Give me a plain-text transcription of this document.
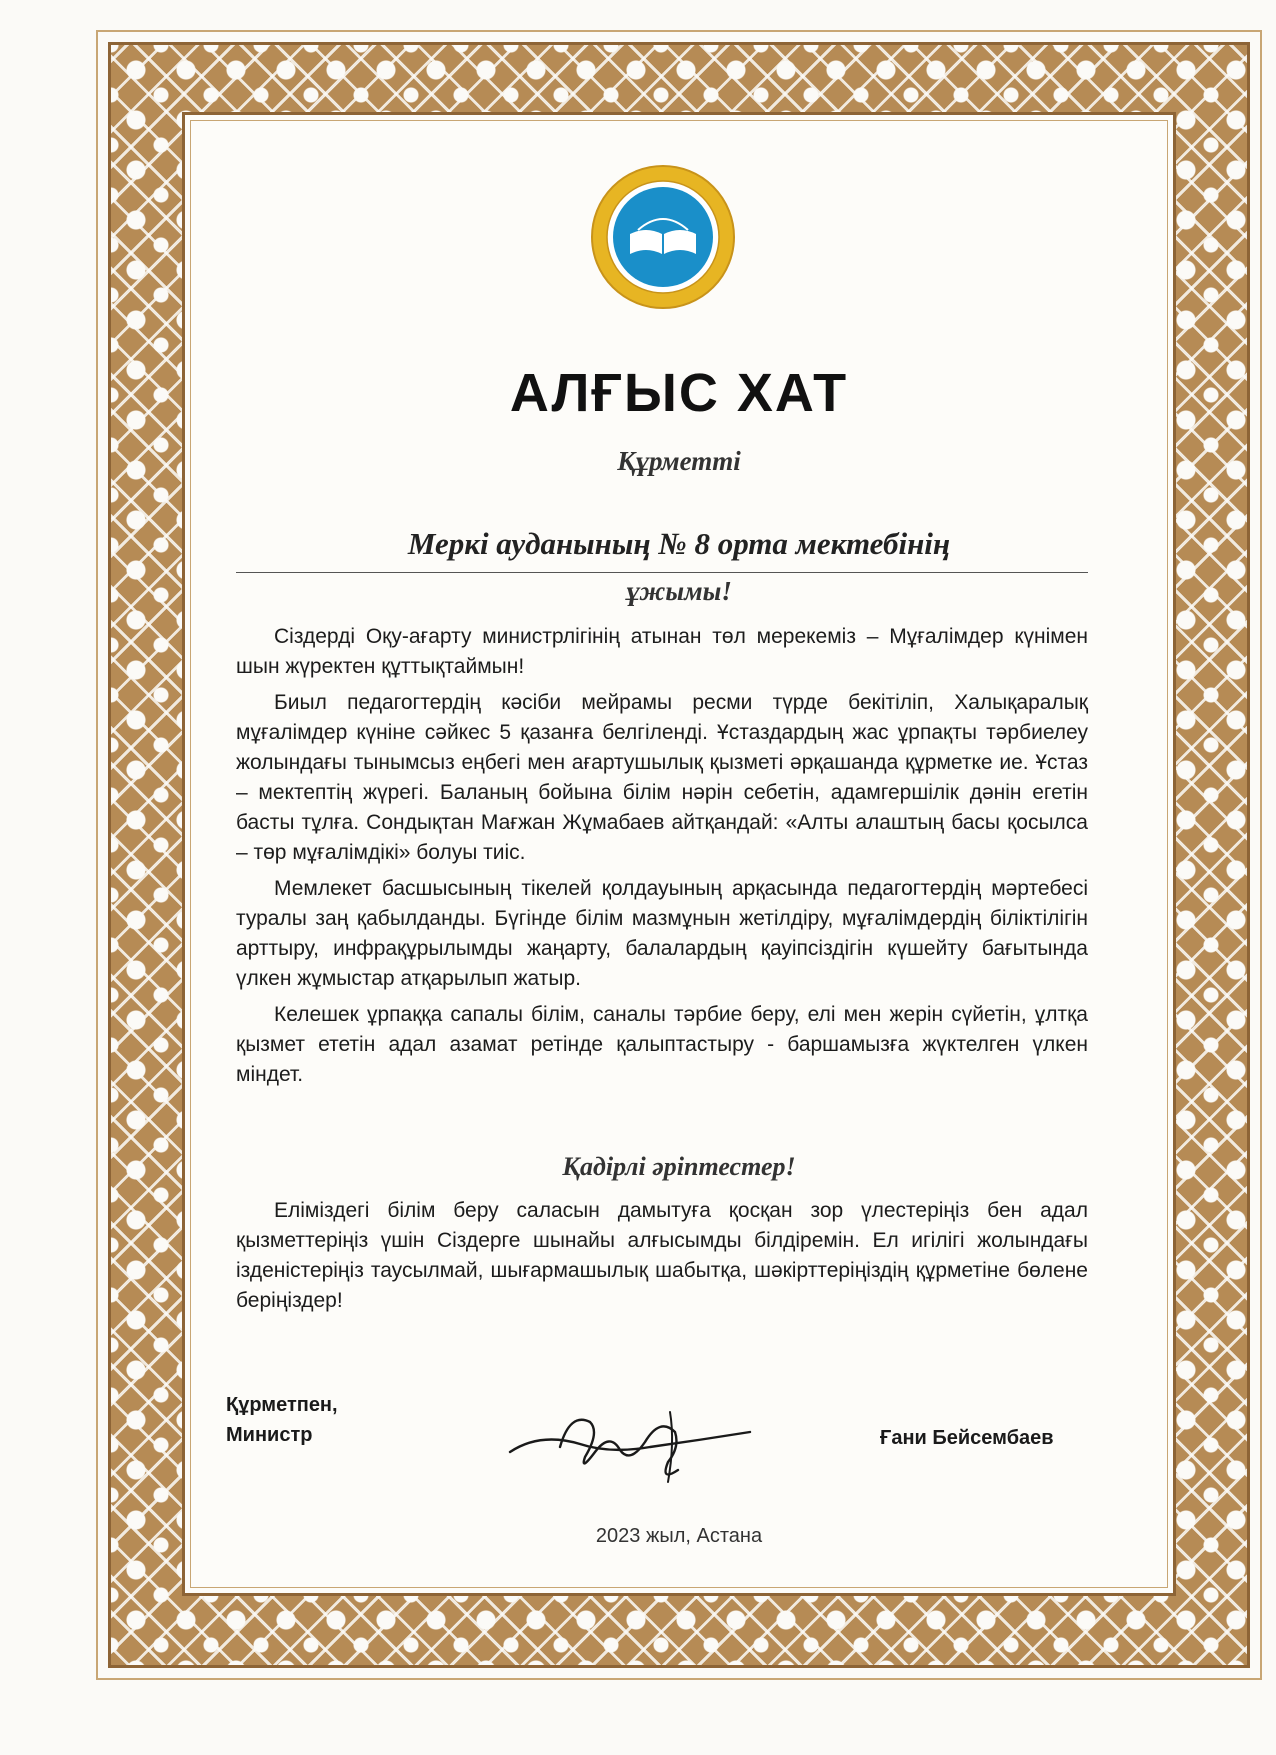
АЛҒЫС ХАТ
Құрметті
Меркі ауданының № 8 орта мектебінің
ұжымы!

Сіздерді Оқу-ағарту министрлігінің атынан төл мерекеміз – Мұғалімдер күнімен шын жүректен құттықтаймын!

Биыл педагогтердің кәсіби мейрамы ресми түрде бекітіліп, Халықаралық мұғалімдер күніне сәйкес 5 қазанға белгіленді. Ұстаздардың жас ұрпақты тәрбиелеу жолындағы тынымсыз еңбегі мен ағартушылық қызметі әрқашанда құрметке ие. Ұстаз – мектептің жүрегі. Баланың бойына білім нәрін себетін, адамгершілік дәнін егетін басты тұлға. Сондықтан Мағжан Жұмабаев айтқандай: «Алты алаштың басы қосылса – төр мұғалімдікі» болуы тиіс.

Мемлекет басшысының тікелей қолдауының арқасында педагогтердің мәртебесі туралы заң қабылданды. Бүгінде білім мазмұнын жетілдіру, мұғалімдердің біліктілігін арттыру, инфрақұрылымды жаңарту, балалардың қауіпсіздігін күшейту бағытында үлкен жұмыстар атқарылып жатыр.

Келешек ұрпаққа сапалы білім, саналы тәрбие беру, елі мен жерін сүйетін, ұлтқа қызмет ететін адал азамат ретінде қалыптастыру - баршамызға жүктелген үлкен міндет.

Қадірлі әріптестер!

Еліміздегі білім беру саласын дамытуға қосқан зор үлестеріңіз бен адал қызметтеріңіз үшін Сіздерге шынайы алғысымды білдіремін. Ел игілігі жолындағы ізденістеріңіз таусылмай, шығармашылық шабытқа, шәкірттеріңіздің құрметіне бөлене беріңіздер!

Құрметпен,
Министр	Ғани Бейсембаев
2023 жыл, Астана
